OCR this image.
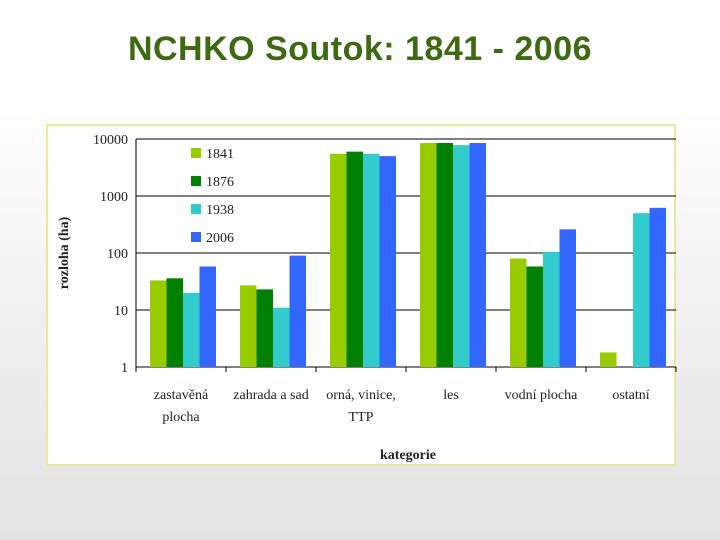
NCHKO Soutok: 1841 - 2006
1
10
100
1000
10000
zastavěná
plocha
zahrada a sad orná, vinice,
TTP
les	vodní plocha ostatní
1841
1876
1938
2006
rozloha (ha)
kategorie
